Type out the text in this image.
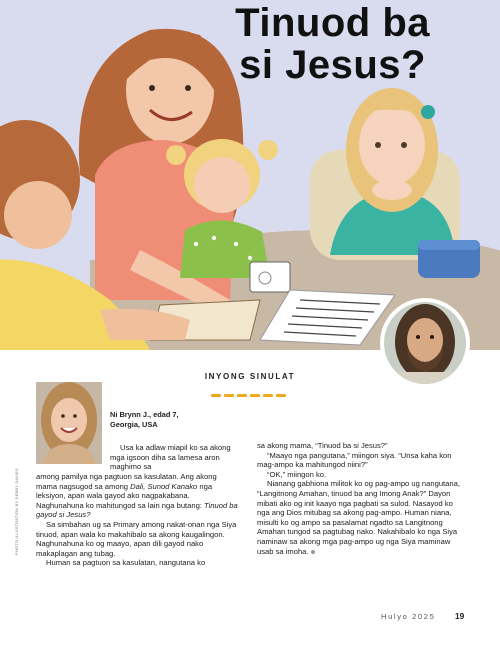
Tinuod ba
si Jesus?
INYONG SINULAT
PHOTO ILLUSTRATION BY DEBBY DAVIES
Ni Brynn J., edad 7,
Georgia, USA

Usa ka adlaw miapil ko sa akong mga igsoon diha sa lamesa aron maghimo sa

among pamilya nga pagtuon sa kasulatan. Ang akong mama nagsugod sa among Dali, Sunod Kanako nga leksiyon, apan wala gayod ako nagpakabana. Naghunahuna ko mahitungod sa lain nga butang: Tinuod ba gayod si Jesus?

Sa simbahan ug sa Primary among nakat-onan nga Siya tinuod, apan wala ko makahibalo sa akong kaugalingon. Naghunahuna ko og maayo, apan dili gayod nako makaplagan ang tubag.

Human sa pagtuon sa kasulatan, nangutana ko

sa akong mama, “Tinuod ba si Jesus?”

“Maayo nga pangutana,” miingon siya. “Unsa kaha kon mag-ampo ka mahitungod niini?”

“OK,” miingon ko.

Nianang gabhiona militok ko og pag-ampo ug nangutana, “Langitnong Amahan, tinuod ba ang Imong Anak?” Dayon mibati ako og init kaayo nga pagbati sa sulod. Nasayod ko nga ang Dios mitubag sa akong pag-ampo. Human niana, misulti ko og ampo sa pasalamat ngadto sa Langitnong Amahan tungod sa pagtubag nako. Nakahibalo ko nga Siya naminaw sa akong mga pag-ampo ug nga Siya maminaw usab sa imoha.

Hulyo 2025 19
